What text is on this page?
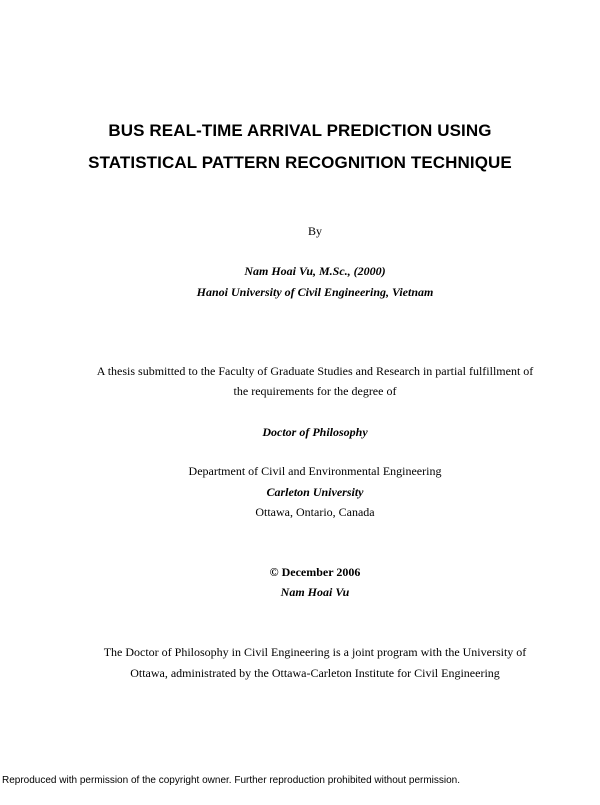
BUS REAL-TIME ARRIVAL PREDICTION USING
STATISTICAL PATTERN RECOGNITION TECHNIQUE
By
Nam Hoai Vu, M.Sc., (2000)
Hanoi University of Civil Engineering, Vietnam
A thesis submitted to the Faculty of Graduate Studies and Research in partial fulfillment of
the requirements for the degree of
Doctor of Philosophy
Department of Civil and Environmental Engineering
Carleton University
Ottawa, Ontario, Canada
© December 2006
Nam Hoai Vu
The Doctor of Philosophy in Civil Engineering is a joint program with the University of
Ottawa, administrated by the Ottawa-Carleton Institute for Civil Engineering
Reproduced with permission of the copyright owner. Further reproduction prohibited without permission.
